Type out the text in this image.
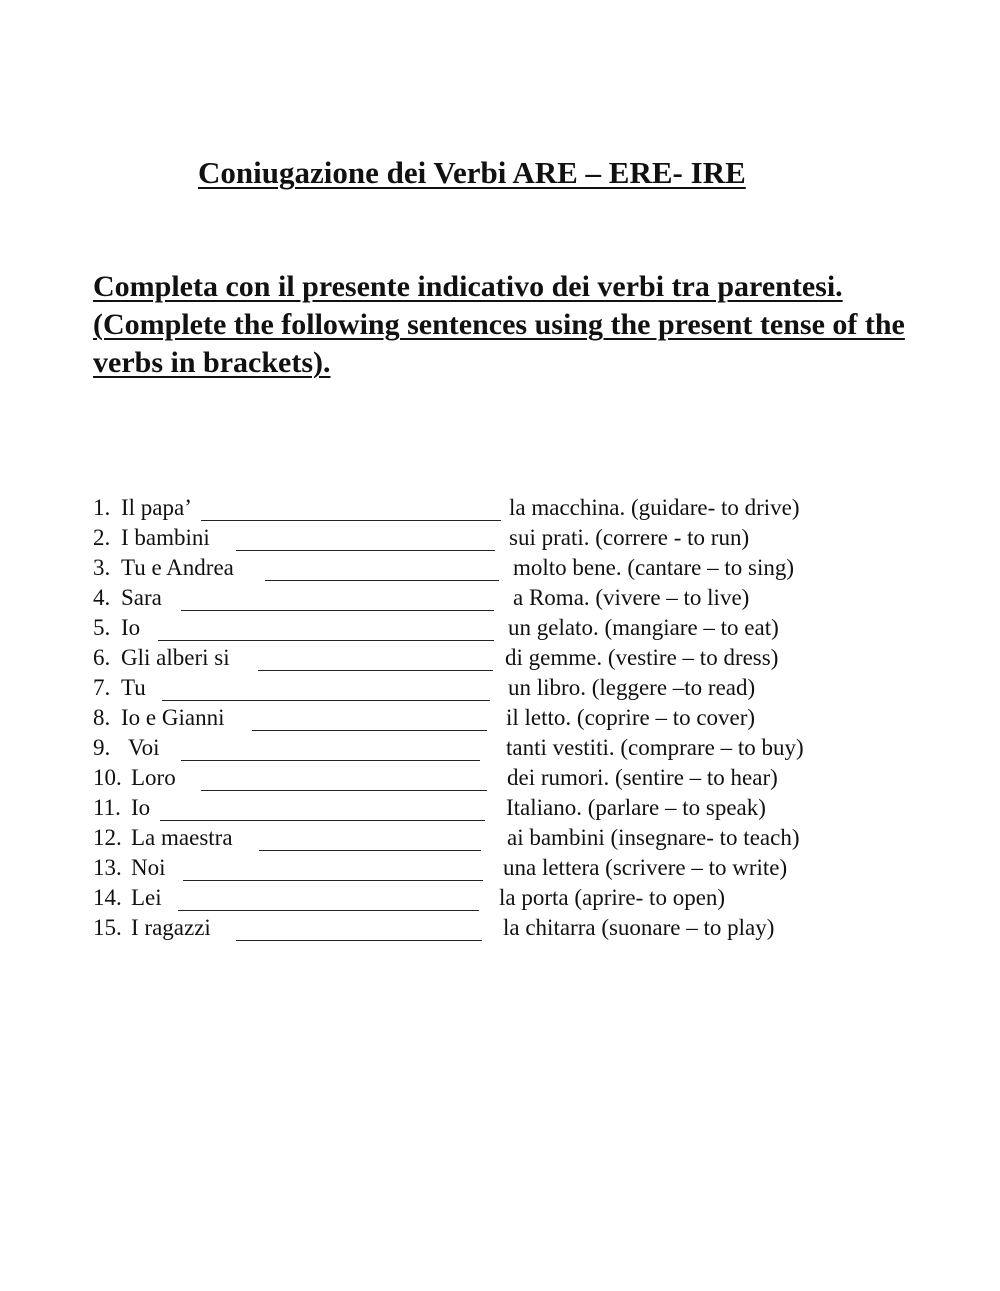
Coniugazione dei Verbi ARE – ERE- IRE
Completa con il presente indicativo dei verbi tra parentesi.
(Complete the following sentences using the present tense of the
verbs in brackets).
1. Il papa’	la macchina. (guidare- to drive)
2. I bambini	sui prati. (correre - to run)
3. Tu e Andrea	molto bene. (cantare – to sing)
4. Sara	a Roma. (vivere – to live)
5. Io	un gelato. (mangiare – to eat)
6. Gli alberi si	di gemme. (vestire – to dress)
7. Tu	un libro. (leggere –to read)
8. Io e Gianni	il letto. (coprire – to cover)
9. Voi	tanti vestiti. (comprare – to buy)
10. Loro	dei rumori. (sentire – to hear)
11. Io	Italiano. (parlare – to speak)
12. La maestra	ai bambini (insegnare- to teach)
13. Noi	una lettera (scrivere – to write)
14. Lei	la porta (aprire- to open)
15. I ragazzi	la chitarra (suonare – to play)
